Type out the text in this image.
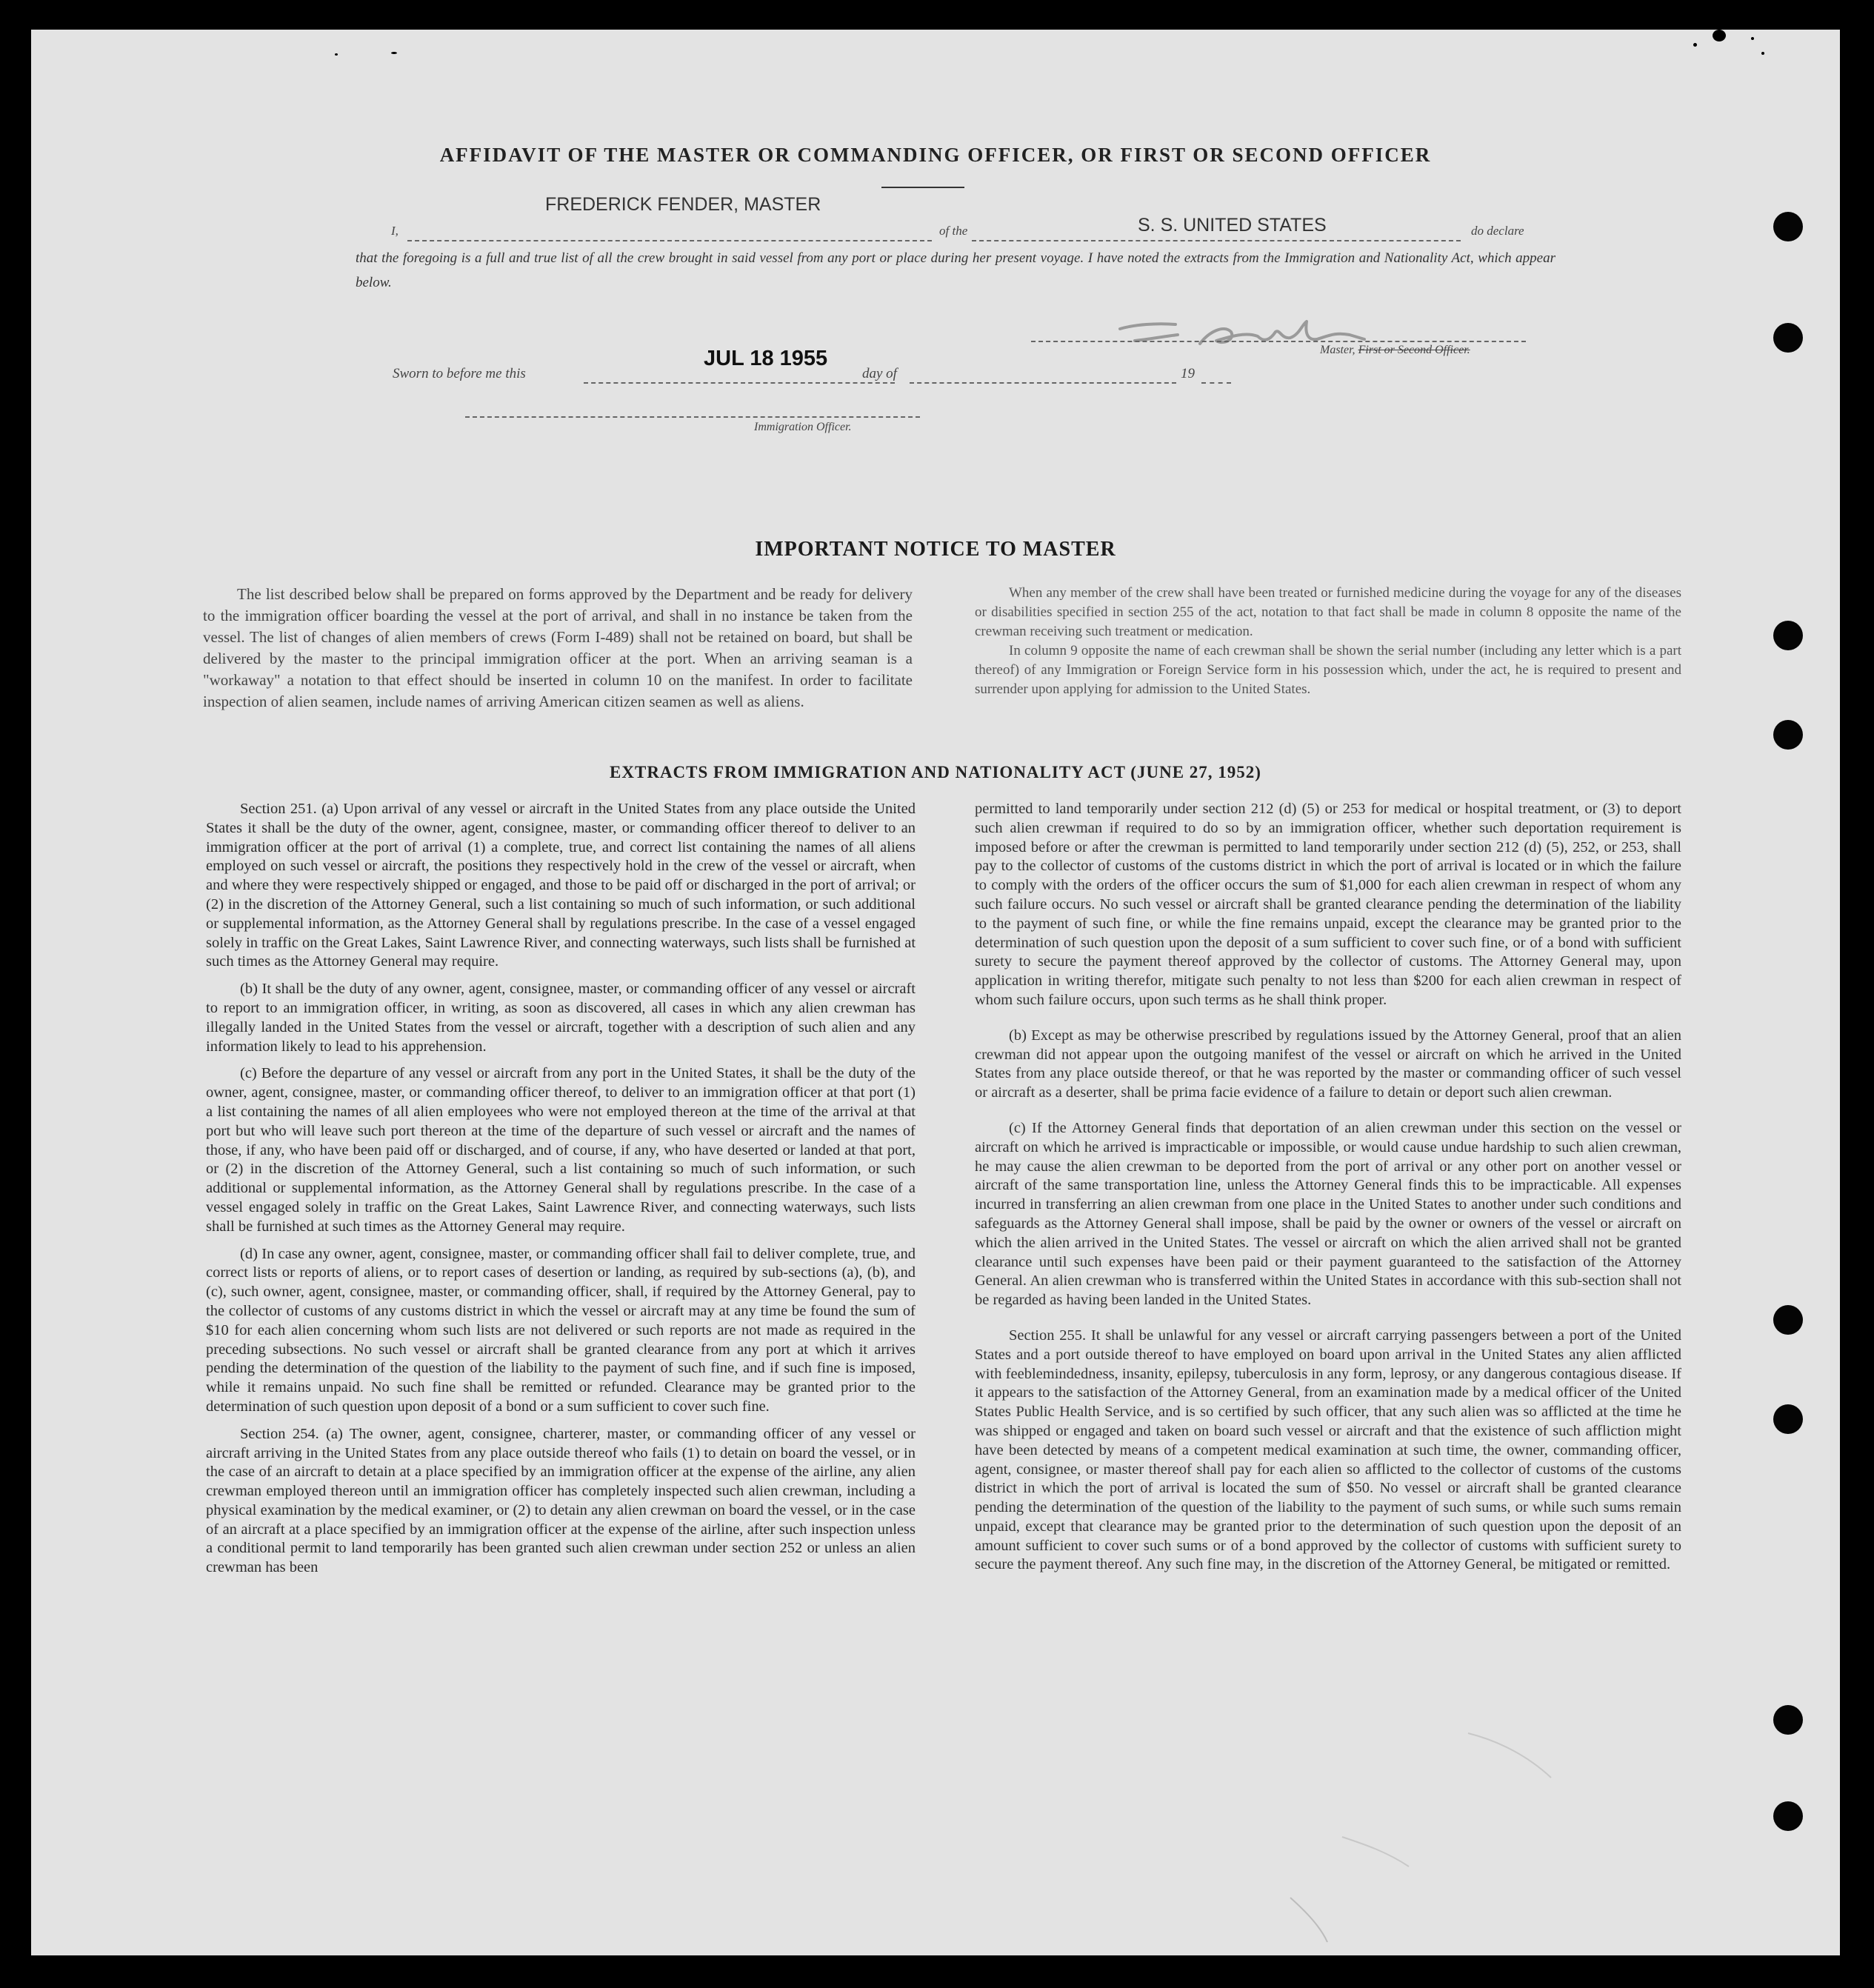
AFFIDAVIT OF THE MASTER OR COMMANDING OFFICER, OR FIRST OR SECOND OFFICER
FREDERICK FENDER, MASTER
I,	of the	S. S. UNITED STATES	do declare
that the foregoing is a full and true list of all the crew brought in said vessel from any port or place during her present voyage. I have noted the extracts from the Immigration and Nationality Act, which appear below.
Master, First or Second Officer.
Sworn to before me this
JUL 18 1955
day of	19
Immigration Officer.
IMPORTANT NOTICE TO MASTER

The list described below shall be prepared on forms approved by the Department and be ready for delivery to the immigration officer boarding the vessel at the port of arrival, and shall in no instance be taken from the vessel. The list of changes of alien members of crews (Form I-489) shall not be retained on board, but shall be delivered by the master to the principal immigration officer at the port. When an arriving seaman is a "workaway" a notation to that effect should be inserted in column 10 on the manifest. In order to facilitate inspection of alien seamen, include names of arriving American citizen seamen as well as aliens.

When any member of the crew shall have been treated or furnished medicine during the voyage for any of the diseases or disabilities specified in section 255 of the act, notation to that fact shall be made in column 8 opposite the name of the crewman receiving such treatment or medication.

In column 9 opposite the name of each crewman shall be shown the serial number (including any letter which is a part thereof) of any Immigration or Foreign Service form in his possession which, under the act, he is required to present and surrender upon applying for admission to the United States.

EXTRACTS FROM IMMIGRATION AND NATIONALITY ACT (JUNE 27, 1952)

Section 251. (a) Upon arrival of any vessel or aircraft in the United States from any place outside the United States it shall be the duty of the owner, agent, consignee, master, or commanding officer thereof to deliver to an immigration officer at the port of arrival (1) a complete, true, and correct list containing the names of all aliens employed on such vessel or aircraft, the positions they respectively hold in the crew of the vessel or aircraft, when and where they were respectively shipped or engaged, and those to be paid off or discharged in the port of arrival; or (2) in the discretion of the Attorney General, such a list containing so much of such information, or such additional or supplemental information, as the Attorney General shall by regulations prescribe. In the case of a vessel engaged solely in traffic on the Great Lakes, Saint Lawrence River, and connecting waterways, such lists shall be furnished at such times as the Attorney General may require.

(b) It shall be the duty of any owner, agent, consignee, master, or commanding officer of any vessel or aircraft to report to an immigration officer, in writing, as soon as discovered, all cases in which any alien crewman has illegally landed in the United States from the vessel or aircraft, together with a description of such alien and any information likely to lead to his apprehension.

(c) Before the departure of any vessel or aircraft from any port in the United States, it shall be the duty of the owner, agent, consignee, master, or commanding officer thereof, to deliver to an immigration officer at that port (1) a list containing the names of all alien employees who were not employed thereon at the time of the arrival at that port but who will leave such port thereon at the time of the departure of such vessel or aircraft and the names of those, if any, who have been paid off or discharged, and of course, if any, who have deserted or landed at that port, or (2) in the discretion of the Attorney General, such a list containing so much of such information, or such additional or supplemental information, as the Attorney General shall by regulations prescribe. In the case of a vessel engaged solely in traffic on the Great Lakes, Saint Lawrence River, and connecting waterways, such lists shall be furnished at such times as the Attorney General may require.

(d) In case any owner, agent, consignee, master, or commanding officer shall fail to deliver complete, true, and correct lists or reports of aliens, or to report cases of desertion or landing, as required by sub-sections (a), (b), and (c), such owner, agent, consignee, master, or commanding officer, shall, if required by the Attorney General, pay to the collector of customs of any customs district in which the vessel or aircraft may at any time be found the sum of $10 for each alien concerning whom such lists are not delivered or such reports are not made as required in the preceding subsections. No such vessel or aircraft shall be granted clearance from any port at which it arrives pending the determination of the question of the liability to the payment of such fine, and if such fine is imposed, while it remains unpaid. No such fine shall be remitted or refunded. Clearance may be granted prior to the determination of such question upon deposit of a bond or a sum sufficient to cover such fine.

Section 254. (a) The owner, agent, consignee, charterer, master, or commanding officer of any vessel or aircraft arriving in the United States from any place outside thereof who fails (1) to detain on board the vessel, or in the case of an aircraft to detain at a place specified by an immigration officer at the expense of the airline, any alien crewman employed thereon until an immigration officer has completely inspected such alien crewman, including a physical examination by the medical examiner, or (2) to detain any alien crewman on board the vessel, or in the case of an aircraft at a place specified by an immigration officer at the expense of the airline, after such inspection unless a conditional permit to land temporarily has been granted such alien crewman under section 252 or unless an alien crewman has been

permitted to land temporarily under section 212 (d) (5) or 253 for medical or hospital treatment, or (3) to deport such alien crewman if required to do so by an immigration officer, whether such deportation requirement is imposed before or after the crewman is permitted to land temporarily under section 212 (d) (5), 252, or 253, shall pay to the collector of customs of the customs district in which the port of arrival is located or in which the failure to comply with the orders of the officer occurs the sum of $1,000 for each alien crewman in respect of whom any such failure occurs. No such vessel or aircraft shall be granted clearance pending the determination of the liability to the payment of such fine, or while the fine remains unpaid, except the clearance may be granted prior to the determination of such question upon the deposit of a sum sufficient to cover such fine, or of a bond with sufficient surety to secure the payment thereof approved by the collector of customs. The Attorney General may, upon application in writing therefor, mitigate such penalty to not less than $200 for each alien crewman in respect of whom such failure occurs, upon such terms as he shall think proper.

(b) Except as may be otherwise prescribed by regulations issued by the Attorney General, proof that an alien crewman did not appear upon the outgoing manifest of the vessel or aircraft on which he arrived in the United States from any place outside thereof, or that he was reported by the master or commanding officer of such vessel or aircraft as a deserter, shall be prima facie evidence of a failure to detain or deport such alien crewman.

(c) If the Attorney General finds that deportation of an alien crewman under this section on the vessel or aircraft on which he arrived is impracticable or impossible, or would cause undue hardship to such alien crewman, he may cause the alien crewman to be deported from the port of arrival or any other port on another vessel or aircraft of the same transportation line, unless the Attorney General finds this to be impracticable. All expenses incurred in transferring an alien crewman from one place in the United States to another under such conditions and safeguards as the Attorney General shall impose, shall be paid by the owner or owners of the vessel or aircraft on which the alien arrived in the United States. The vessel or aircraft on which the alien arrived shall not be granted clearance until such expenses have been paid or their payment guaranteed to the satisfaction of the Attorney General. An alien crewman who is transferred within the United States in accordance with this sub-section shall not be regarded as having been landed in the United States.

Section 255. It shall be unlawful for any vessel or aircraft carrying passengers between a port of the United States and a port outside thereof to have employed on board upon arrival in the United States any alien afflicted with feeblemindedness, insanity, epilepsy, tuberculosis in any form, leprosy, or any dangerous contagious disease. If it appears to the satisfaction of the Attorney General, from an examination made by a medical officer of the United States Public Health Service, and is so certified by such officer, that any such alien was so afflicted at the time he was shipped or engaged and taken on board such vessel or aircraft and that the existence of such affliction might have been detected by means of a competent medical examination at such time, the owner, commanding officer, agent, consignee, or master thereof shall pay for each alien so afflicted to the collector of customs of the customs district in which the port of arrival is located the sum of $50. No vessel or aircraft shall be granted clearance pending the determination of the question of the liability to the payment of such sums, or while such sums remain unpaid, except that clearance may be granted prior to the determination of such question upon the deposit of an amount sufficient to cover such sums or of a bond approved by the collector of customs with sufficient surety to secure the payment thereof. Any such fine may, in the discretion of the Attorney General, be mitigated or remitted.
